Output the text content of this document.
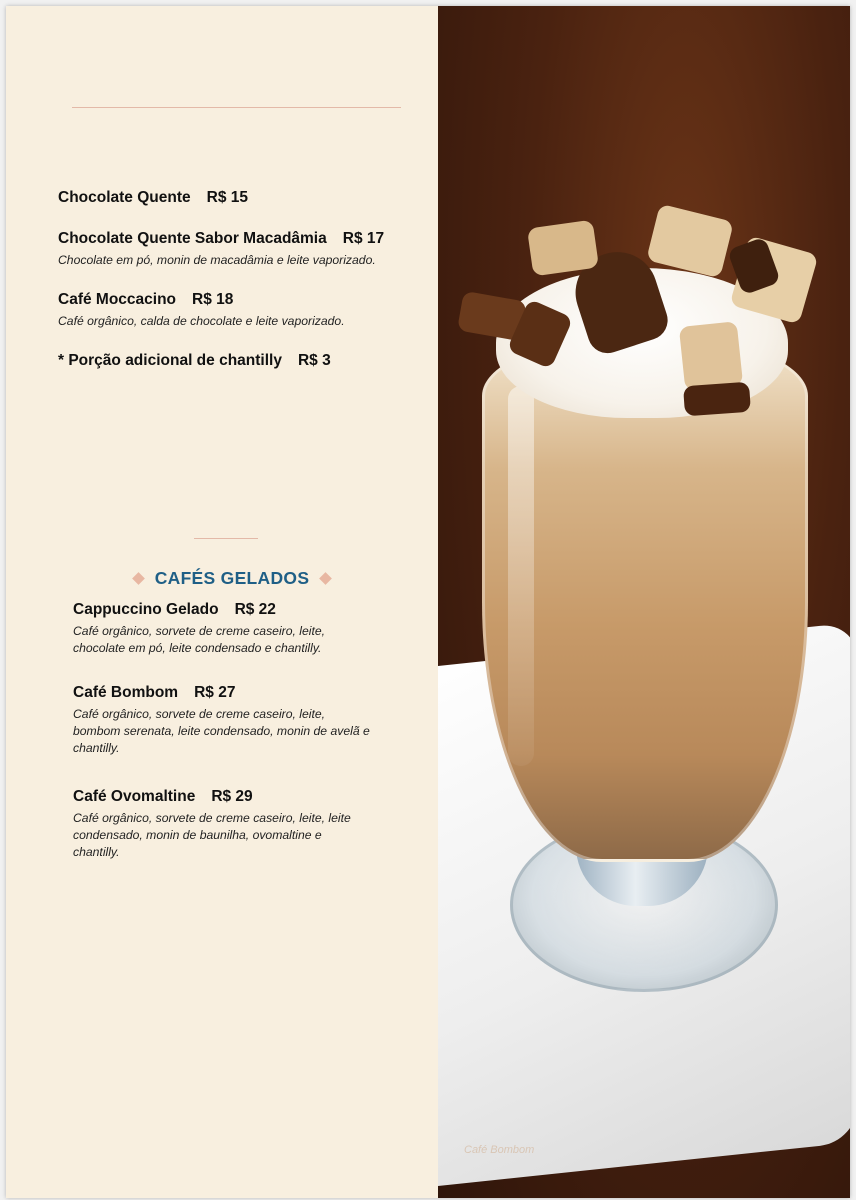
Chocolate Quente R$ 15
Chocolate Quente Sabor Macadâmia R$ 17
Chocolate em pó, monin de macadâmia e leite vaporizado.
Café Moccacino R$ 18
Café orgânico, calda de chocolate e leite vaporizado.
* Porção adicional de chantilly R$ 3
CAFÉS GELADOS
Cappuccino Gelado R$ 22
Café orgânico, sorvete de creme caseiro, leite,
chocolate em pó, leite condensado e chantilly.
Café Bombom R$ 27
Café orgânico, sorvete de creme caseiro, leite,
bombom serenata, leite condensado, monin de avelã e
chantilly.
Café Ovomaltine R$ 29
Café orgânico, sorvete de creme caseiro, leite, leite
condensado, monin de baunilha, ovomaltine e
chantilly.
Café Bombom
